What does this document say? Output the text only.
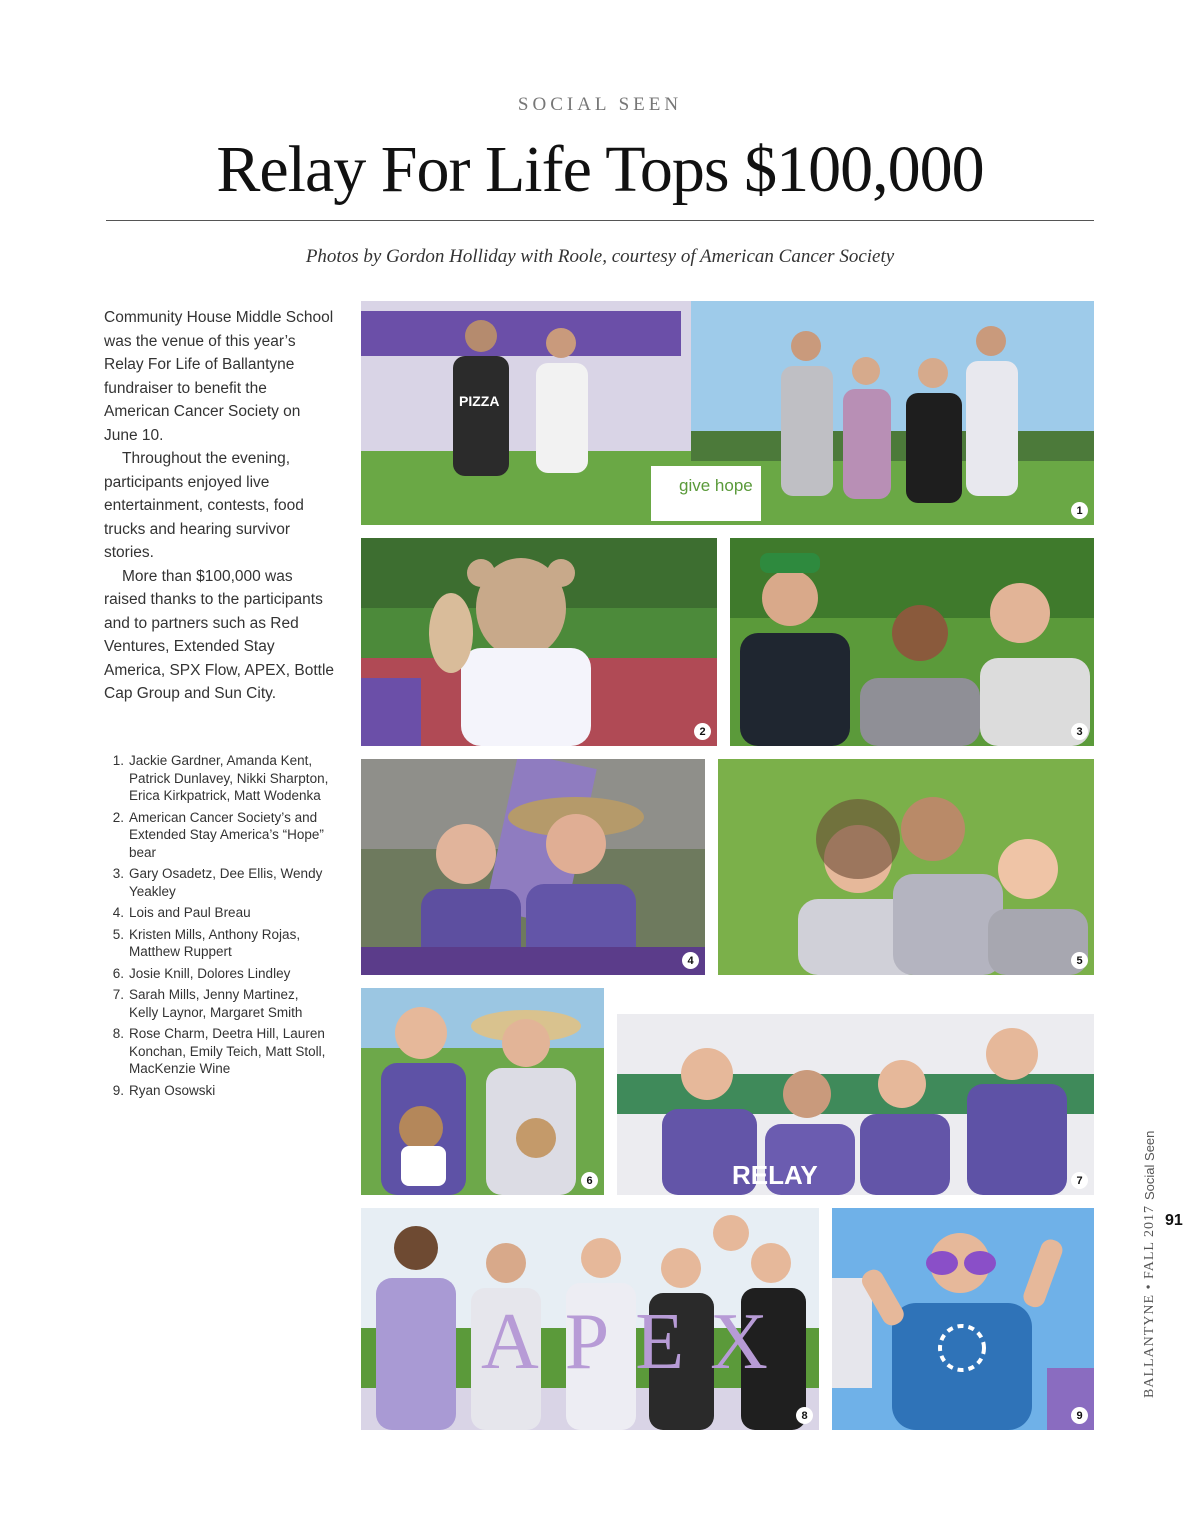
SOCIAL SEEN
Relay For Life Tops $100,000
Photos by Gordon Holliday with Roole, courtesy of American Cancer Society

Community House Middle School was the venue of this year’s Relay For Life of Ballantyne fundraiser to benefit the American Cancer Society on June 10.

Throughout the evening, participants enjoyed live entertainment, contests, food trucks and hearing survivor stories.

More than $100,000 was raised thanks to the participants and to partners such as Red Ventures, Extended Stay America, SPX Flow, APEX, Bottle Cap Group and Sun City.

1. Jackie Gardner, Amanda Kent, Patrick Dunlavey, Nikki Sharpton, Erica Kirkpatrick, Matt Wodenka
2. American Cancer Society’s and Extended Stay America’s “Hope” bear
3. Gary Osadetz, Dee Ellis, Wendy Yeakley
4. Lois and Paul Breau
5. Kristen Mills, Anthony Rojas, Matthew Ruppert
6. Josie Knill, Dolores Lindley
7. Sarah Mills, Jenny Martinez, Kelly Laynor, Margaret Smith
8. Rose Charm, Deetra Hill, Lauren Konchan, Emily Teich, Matt Stoll, MacKenzie Wine
9. Ryan Osowski
give hope
PIZZA
1
2	3
4	5
6	RELAY	7
APEX
8	9
Social Seen
91
BALLANTYNE • FALL 2017
